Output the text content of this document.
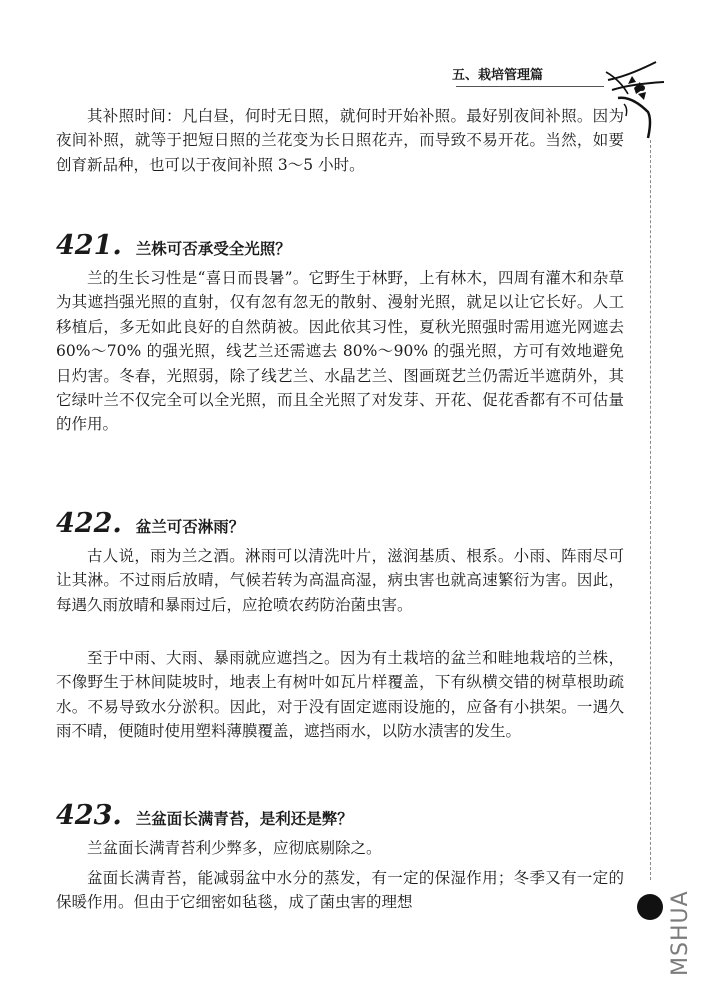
五、栽培管理篇

其补照时间：凡白昼，何时无日照，就何时开始补照。最好别夜间补照。因为夜间补照，就等于把短日照的兰花变为长日照花卉，而导致不易开花。当然，如要创育新品种，也可以于夜间补照 3～5 小时。

421. 兰株可否承受全光照？

兰的生长习性是“喜日而畏暑”。它野生于林野，上有林木，四周有灌木和杂草为其遮挡强光照的直射，仅有忽有忽无的散射、漫射光照，就足以让它长好。人工移植后，多无如此良好的自然荫被。因此依其习性，夏秋光照强时需用遮光网遮去 60%～70% 的强光照，线艺兰还需遮去 80%～90% 的强光照，方可有效地避免日灼害。冬春，光照弱，除了线艺兰、水晶艺兰、图画斑艺兰仍需近半遮荫外，其它绿叶兰不仅完全可以全光照，而且全光照了对发芽、开花、促花香都有不可估量的作用。

422. 盆兰可否淋雨？

古人说，雨为兰之酒。淋雨可以清洗叶片，滋润基质、根系。小雨、阵雨尽可让其淋。不过雨后放晴，气候若转为高温高湿，病虫害也就高速繁衍为害。因此，每遇久雨放晴和暴雨过后，应抢喷农药防治菌虫害。

至于中雨、大雨、暴雨就应遮挡之。因为有土栽培的盆兰和畦地栽培的兰株，不像野生于林间陡坡时，地表上有树叶如瓦片样覆盖，下有纵横交错的树草根助疏水。不易导致水分淤积。因此，对于没有固定遮雨设施的，应备有小拱架。一遇久雨不晴，便随时使用塑料薄膜覆盖，遮挡雨水，以防水渍害的发生。

423. 兰盆面长满青苔，是利还是弊？

兰盆面长满青苔利少弊多，应彻底剔除之。

盆面长满青苔，能减弱盆中水分的蒸发，有一定的保湿作用；冬季又有一定的保暖作用。但由于它细密如毡毯，成了菌虫害的理想	MSHUA
